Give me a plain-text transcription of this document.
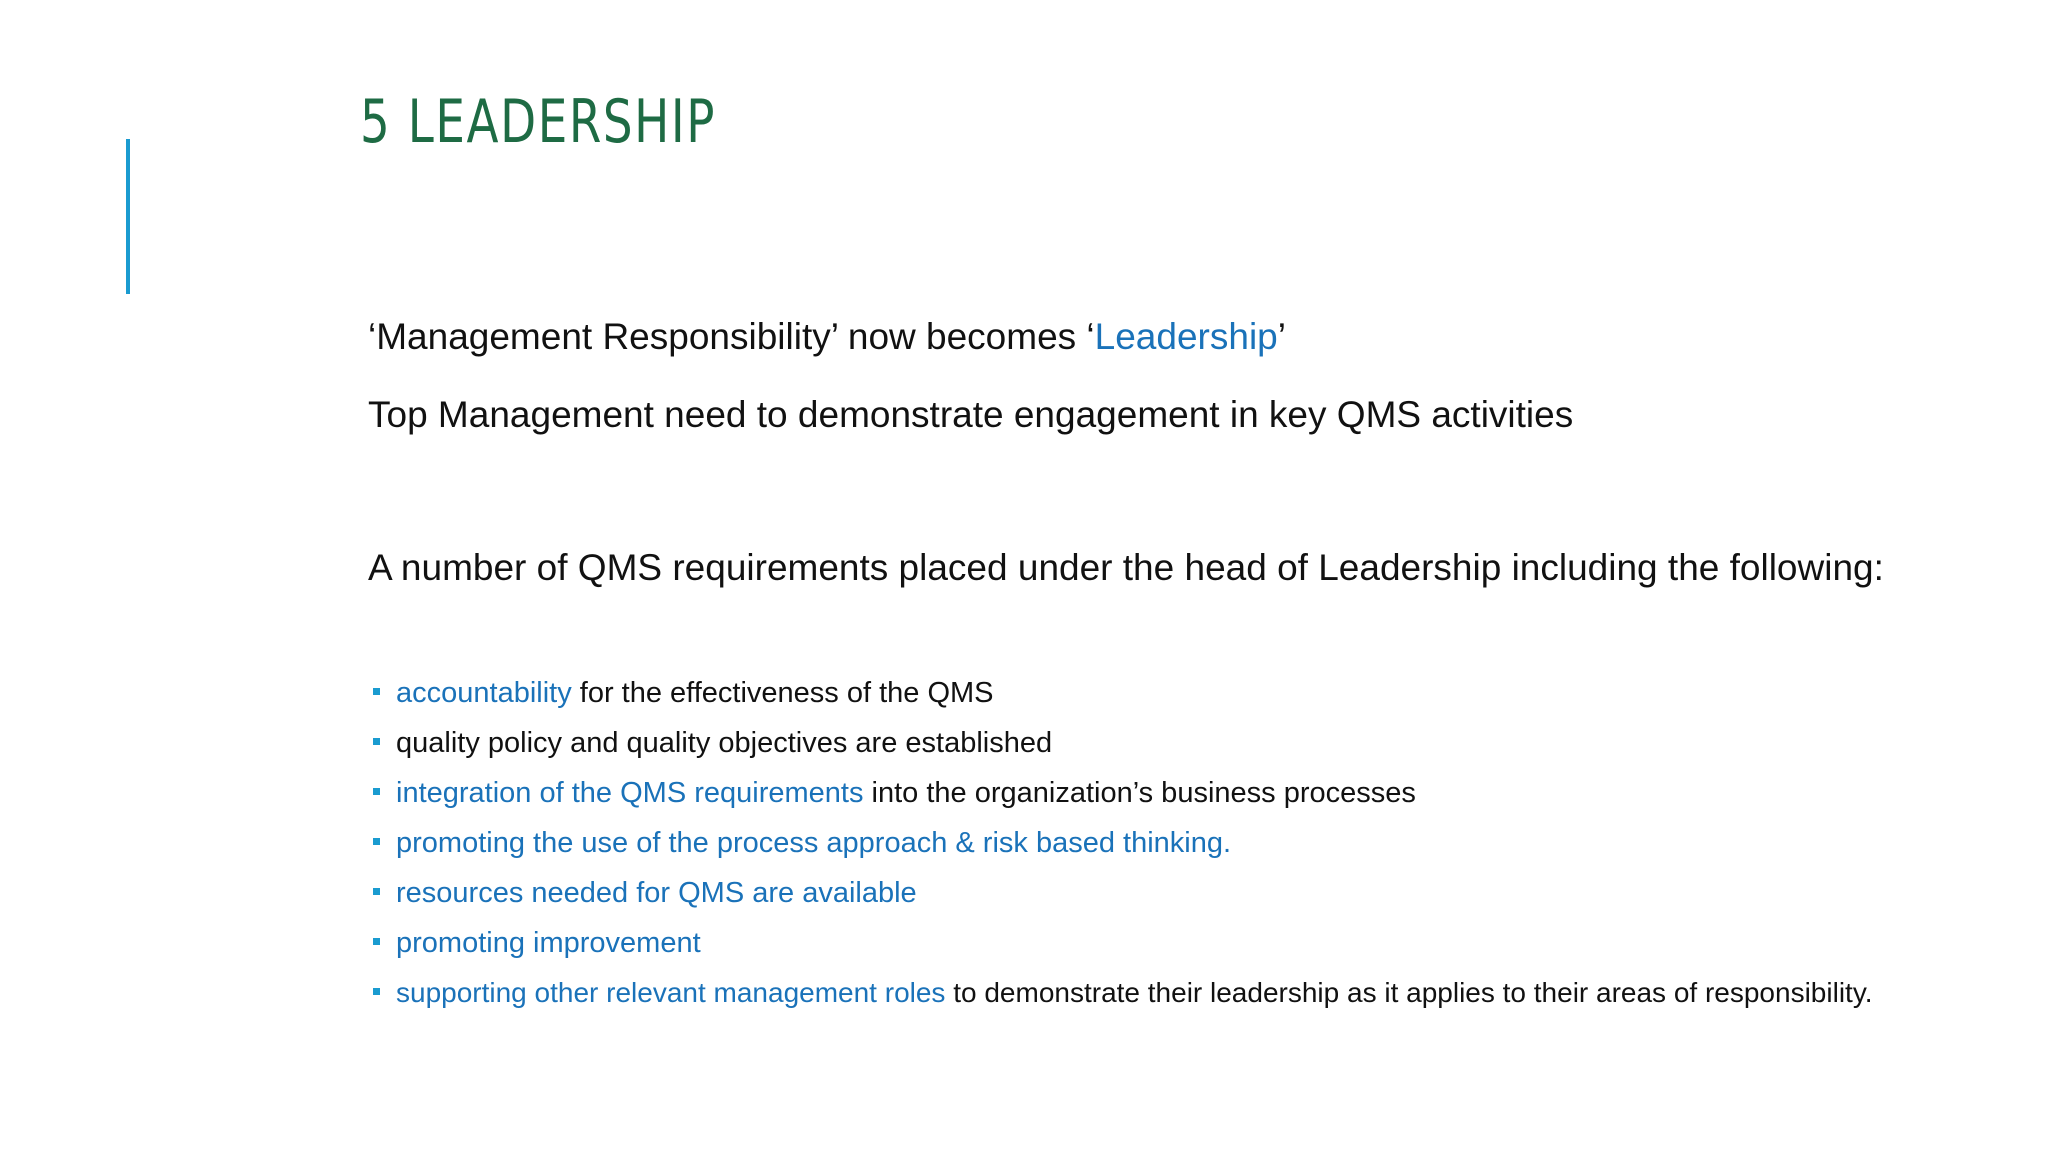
5 LEADERSHIP

‘Management Responsibility’ now becomes ‘Leadership’

Top Management need to demonstrate engagement in key QMS activities

A number of QMS requirements placed under the head of Leadership including the following:

accountability for the effectiveness of the QMS
quality policy and quality objectives are established
integration of the QMS requirements into the organization’s business processes
promoting the use of the process approach & risk based thinking.
resources needed for QMS are available
promoting improvement
supporting other relevant management roles to demonstrate their leadership as it applies to their areas of responsibility.
